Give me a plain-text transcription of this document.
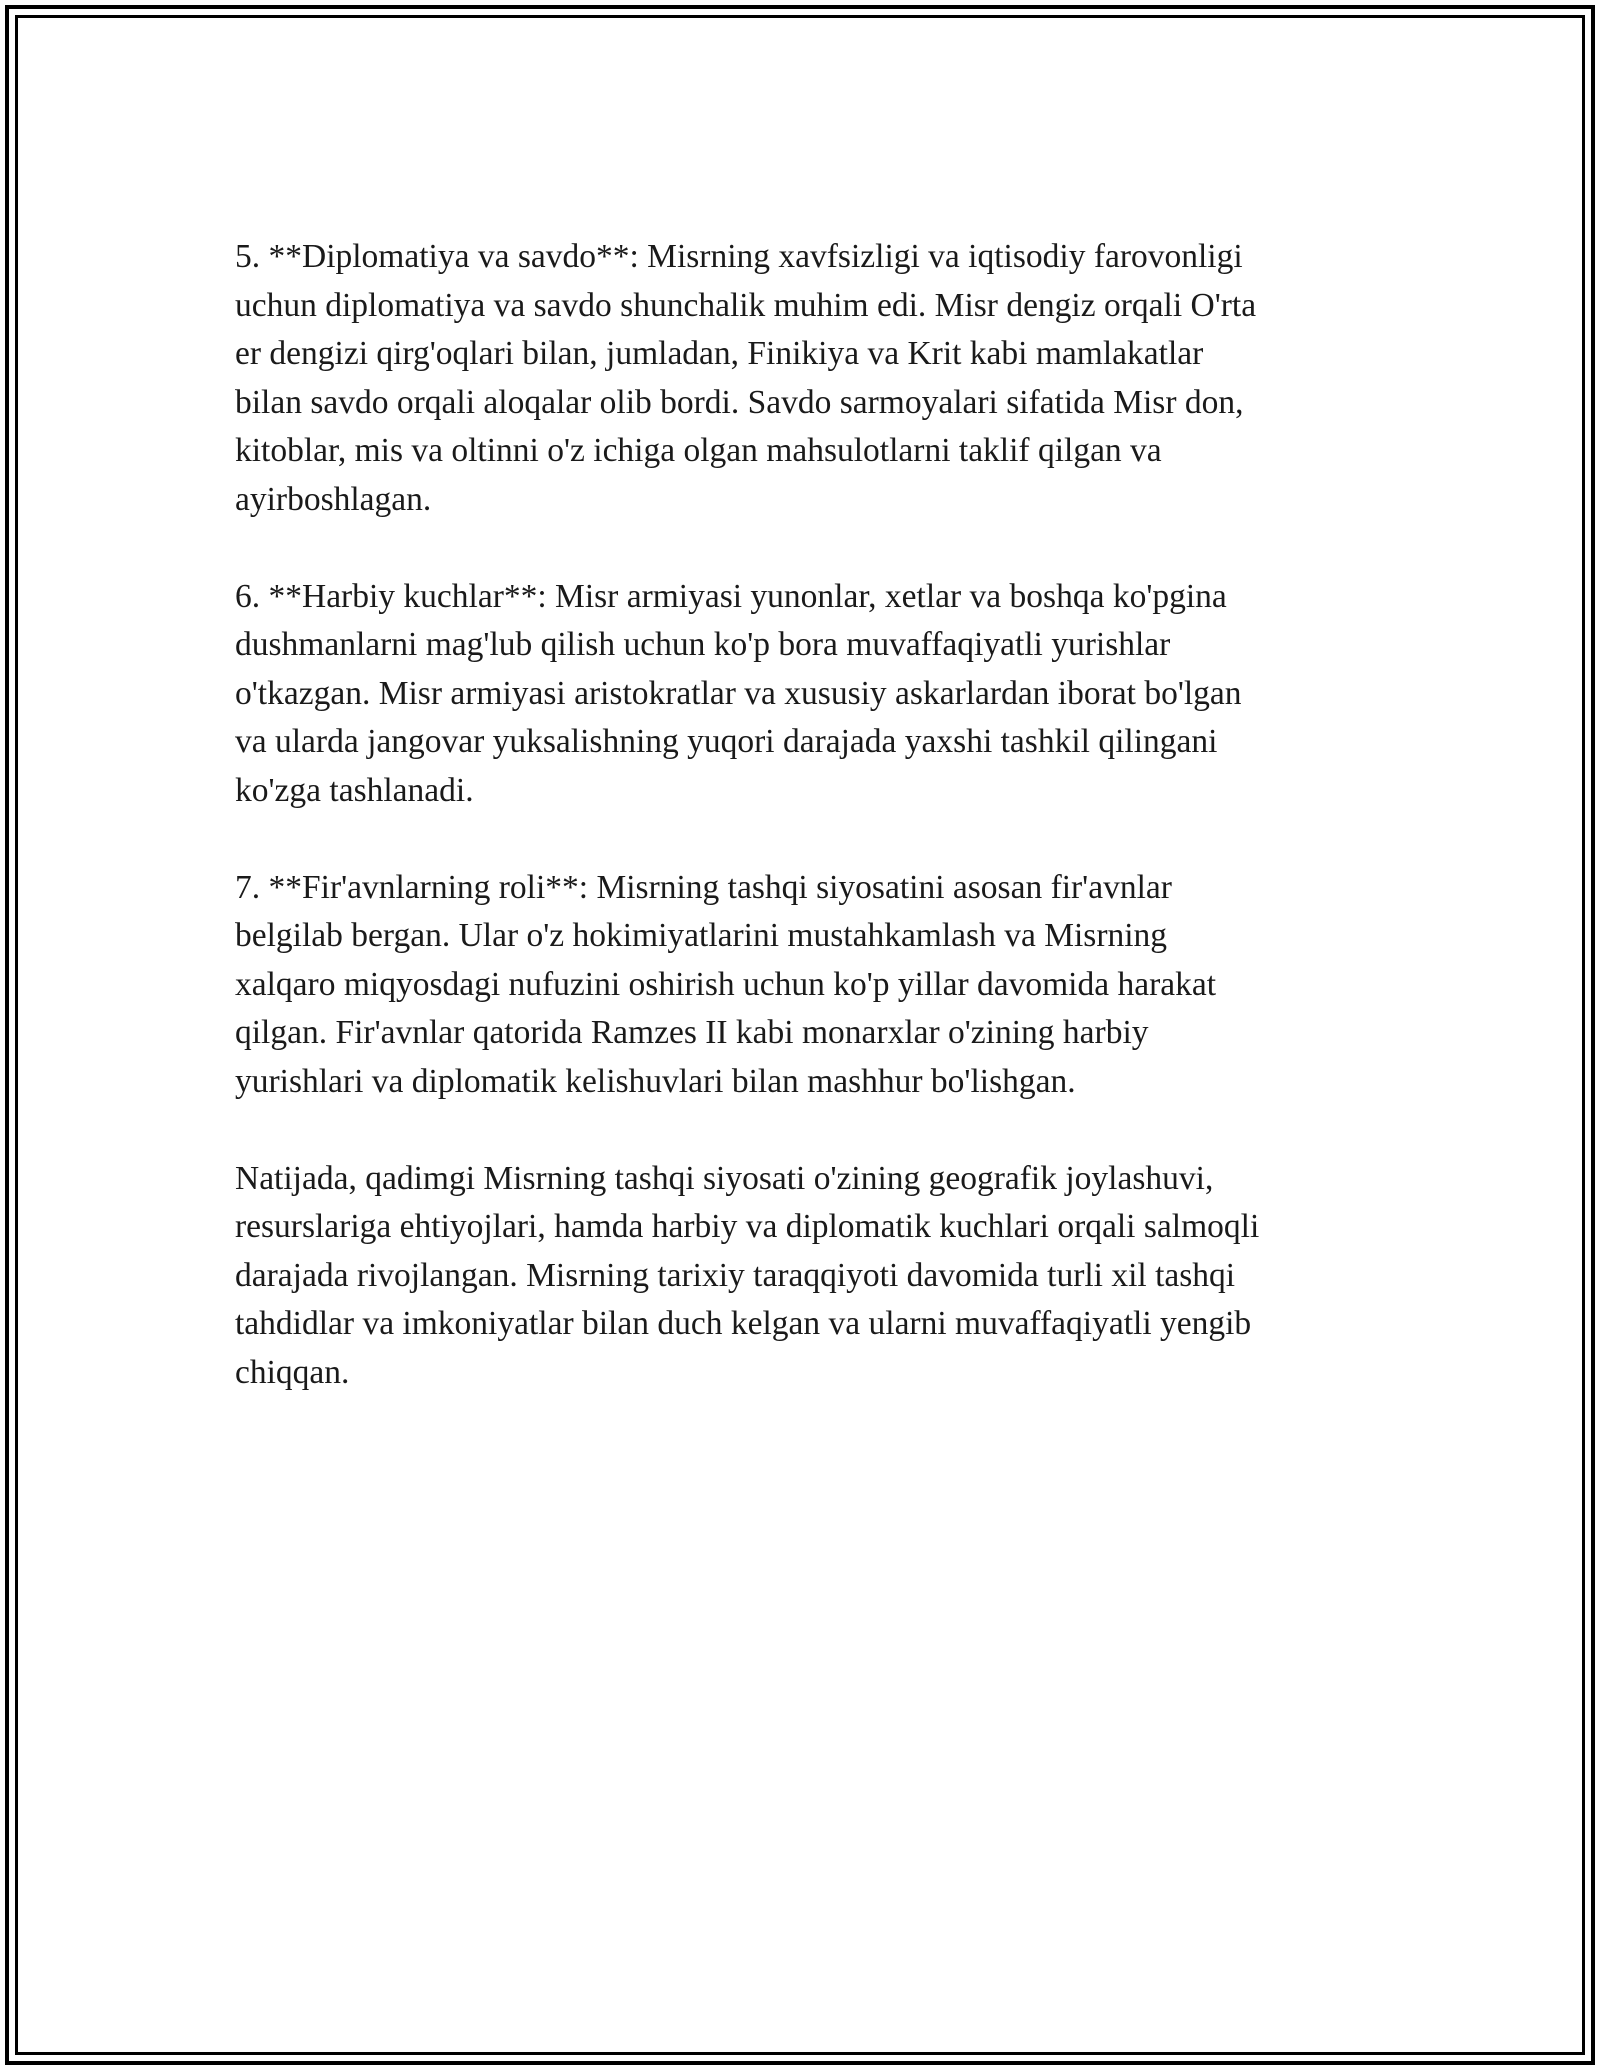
5. **Diplomatiya va savdo**: Misrning xavfsizligi va iqtisodiy farovonligi
uchun diplomatiya va savdo shunchalik muhim edi. Misr dengiz orqali O'rta
er dengizi qirg'oqlari bilan, jumladan, Finikiya va Krit kabi mamlakatlar
bilan savdo orqali aloqalar olib bordi. Savdo sarmoyalari sifatida Misr don,
kitoblar, mis va oltinni o'z ichiga olgan mahsulotlarni taklif qilgan va
ayirboshlagan.

6. **Harbiy kuchlar**: Misr armiyasi yunonlar, xetlar va boshqa ko'pgina
dushmanlarni mag'lub qilish uchun ko'p bora muvaffaqiyatli yurishlar
o'tkazgan. Misr armiyasi aristokratlar va xususiy askarlardan iborat bo'lgan
va ularda jangovar yuksalishning yuqori darajada yaxshi tashkil qilingani
ko'zga tashlanadi.

7. **Fir'avnlarning roli**: Misrning tashqi siyosatini asosan fir'avnlar
belgilab bergan. Ular o'z hokimiyatlarini mustahkamlash va Misrning
xalqaro miqyosdagi nufuzini oshirish uchun ko'p yillar davomida harakat
qilgan. Fir'avnlar qatorida Ramzes II kabi monarxlar o'zining harbiy
yurishlari va diplomatik kelishuvlari bilan mashhur bo'lishgan.

Natijada, qadimgi Misrning tashqi siyosati o'zining geografik joylashuvi,
resurslariga ehtiyojlari, hamda harbiy va diplomatik kuchlari orqali salmoqli
darajada rivojlangan. Misrning tarixiy taraqqiyoti davomida turli xil tashqi
tahdidlar va imkoniyatlar bilan duch kelgan va ularni muvaffaqiyatli yengib
chiqqan.
